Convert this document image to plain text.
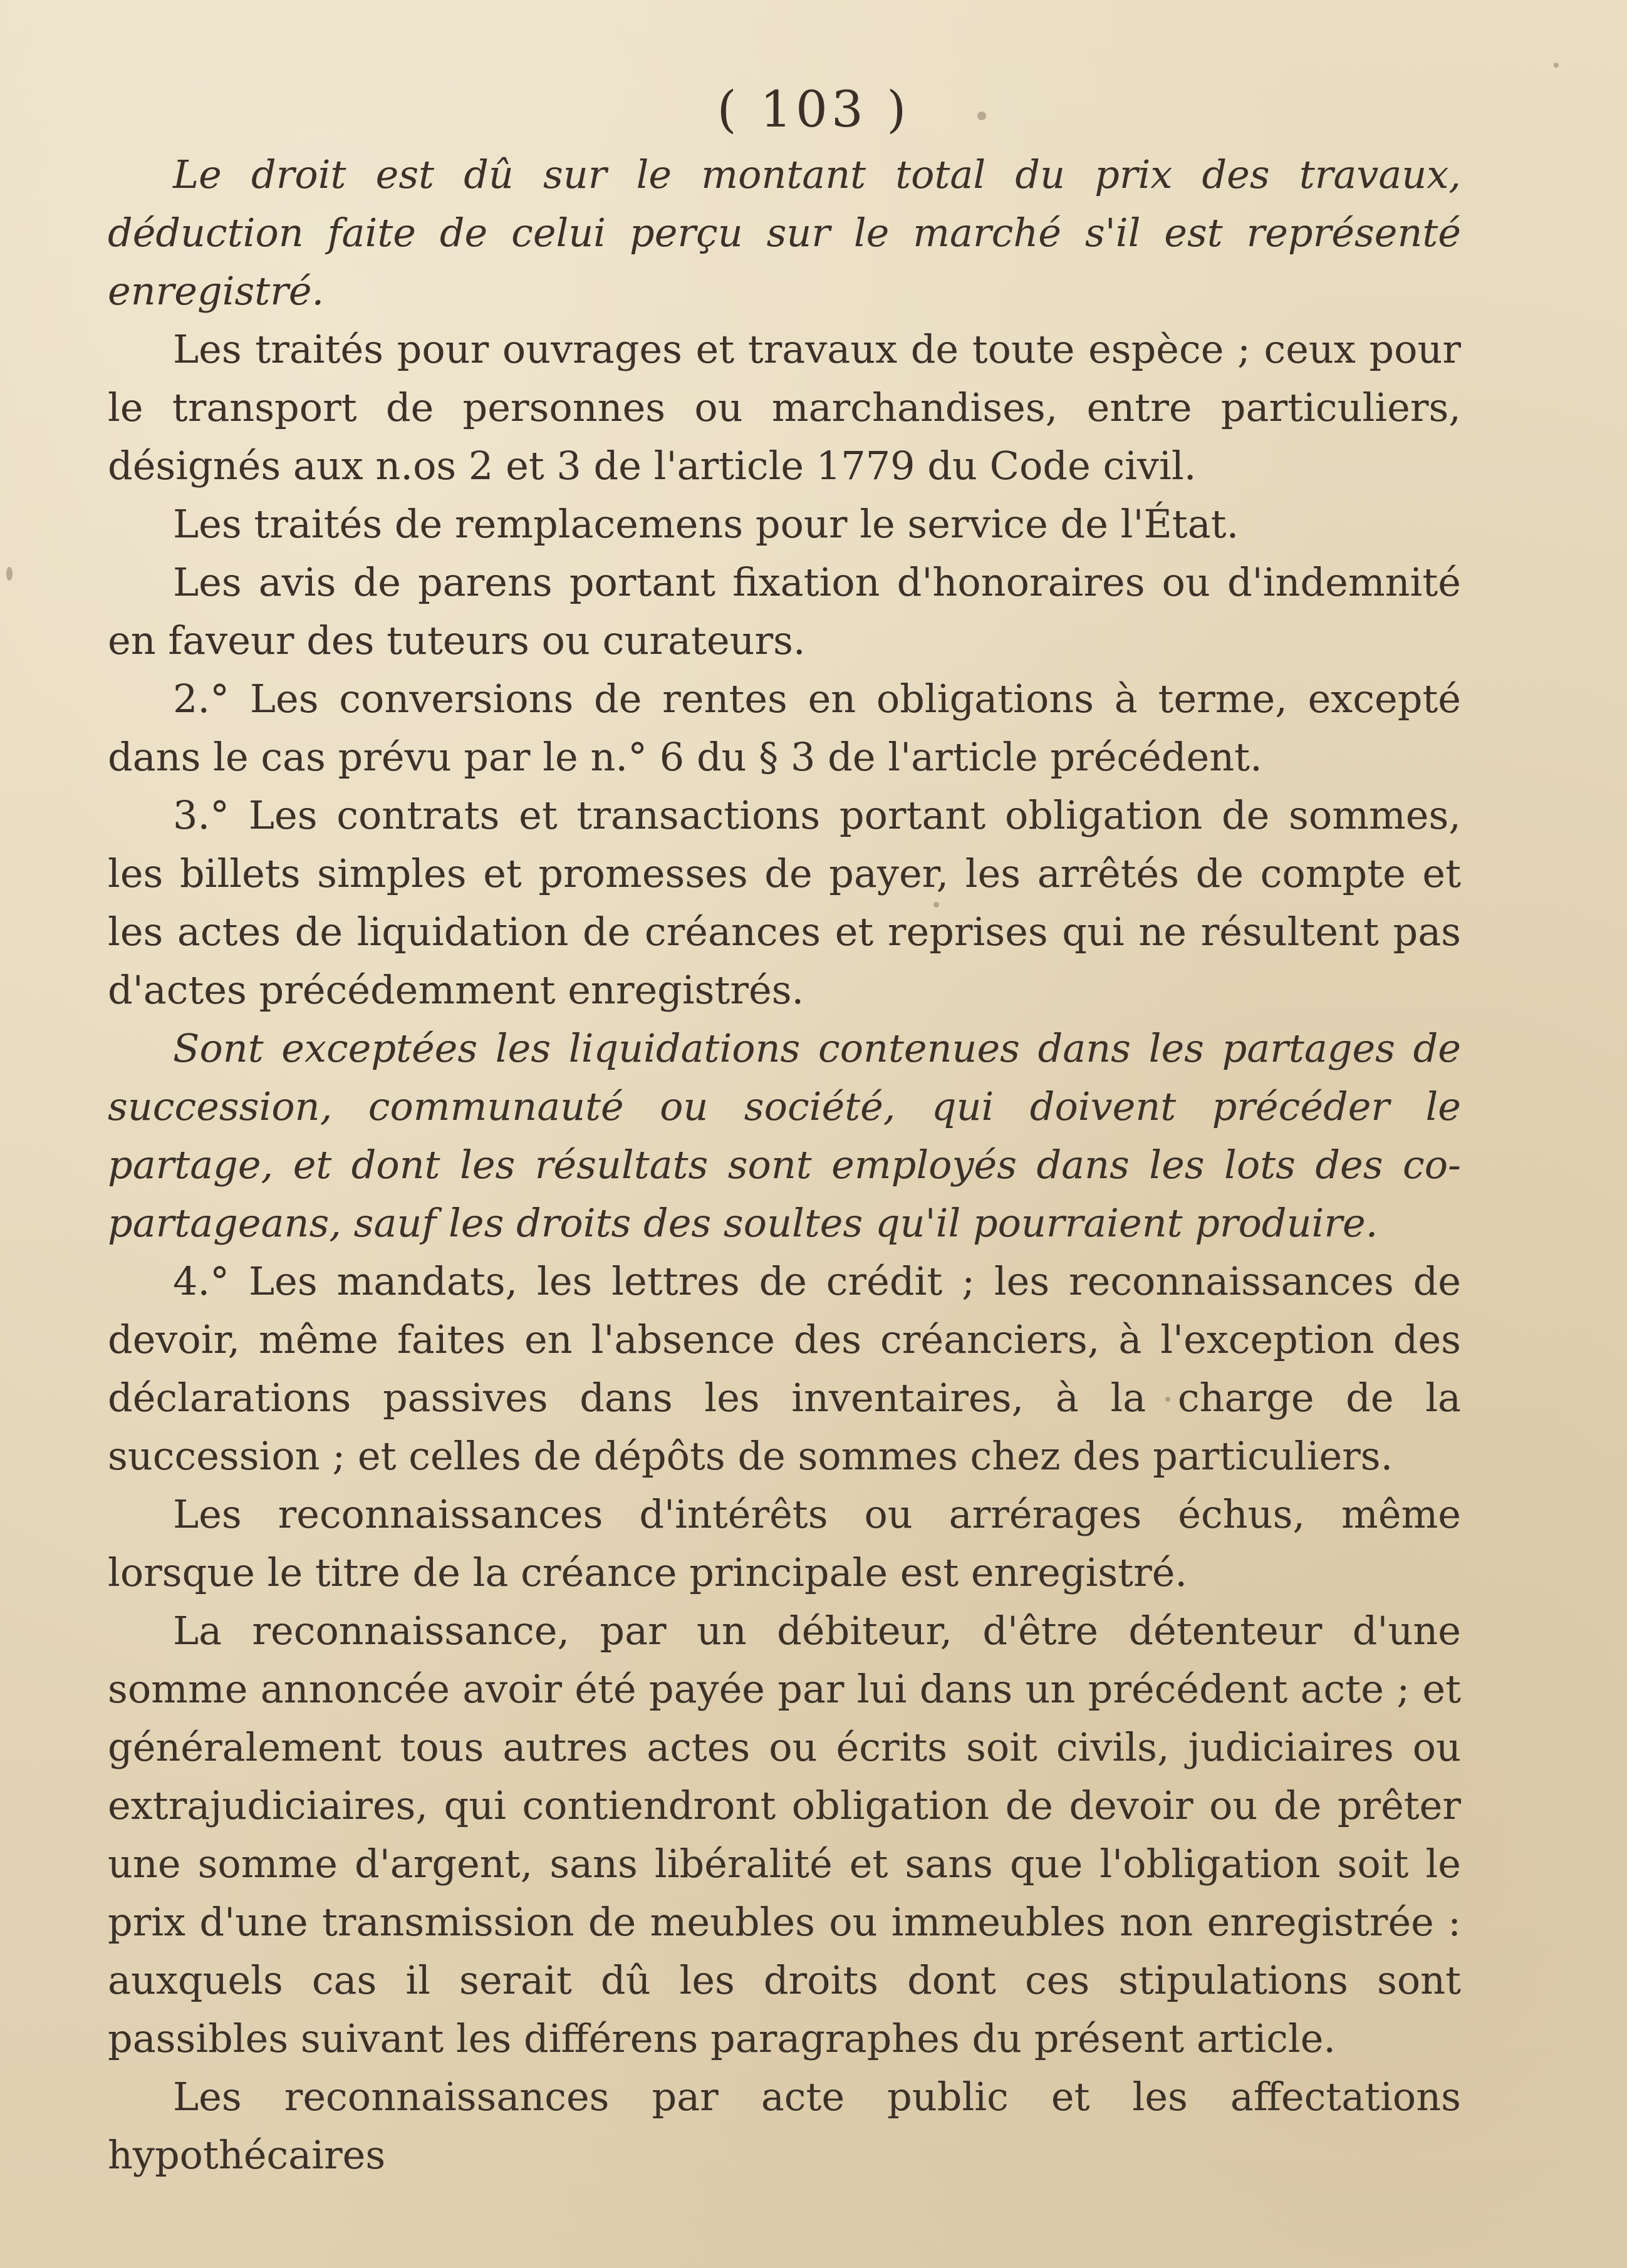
( 103 )

Le droit est dû sur le montant total du prix des travaux, déduction faite de celui perçu sur le marché s'il est représenté enregistré.

Les traités pour ouvrages et travaux de toute espèce ; ceux pour le transport de personnes ou marchandises, entre particuliers, désignés aux n.os 2 et 3 de l'article 1779 du Code civil.

Les traités de remplacemens pour le service de l'État.

Les avis de parens portant fixation d'honoraires ou d'indemnité en faveur des tuteurs ou curateurs.

2.° Les conversions de rentes en obligations à terme, excepté dans le cas prévu par le n.° 6 du § 3 de l'article précédent.

3.° Les contrats et transactions portant obligation de sommes, les billets simples et promesses de payer, les arrêtés de compte et les actes de liquidation de créances et reprises qui ne résultent pas d'actes précédemment enregistrés.

Sont exceptées les liquidations contenues dans les partages de succession, communauté ou société, qui doivent précéder le partage, et dont les résultats sont employés dans les lots des co-partageans, sauf les droits des soultes qu'il pourraient produire.

4.° Les mandats, les lettres de crédit ; les reconnaissances de devoir, même faites en l'absence des créanciers, à l'exception des déclarations passives dans les inventaires, à la charge de la succession ; et celles de dépôts de sommes chez des particuliers.

Les reconnaissances d'intérêts ou arrérages échus, même lorsque le titre de la créance principale est enregistré.

La reconnaissance, par un débiteur, d'être détenteur d'une somme annoncée avoir été payée par lui dans un précédent acte ; et généralement tous autres actes ou écrits soit civils, judiciaires ou extrajudiciaires, qui contiendront obligation de devoir ou de prêter une somme d'argent, sans libéralité et sans que l'obligation soit le prix d'une transmission de meubles ou immeubles non enregistrée : auxquels cas il serait dû les droits dont ces stipulations sont passibles suivant les différens paragraphes du présent article.

Les reconnaissances par acte public et les affectations hypothécaires
